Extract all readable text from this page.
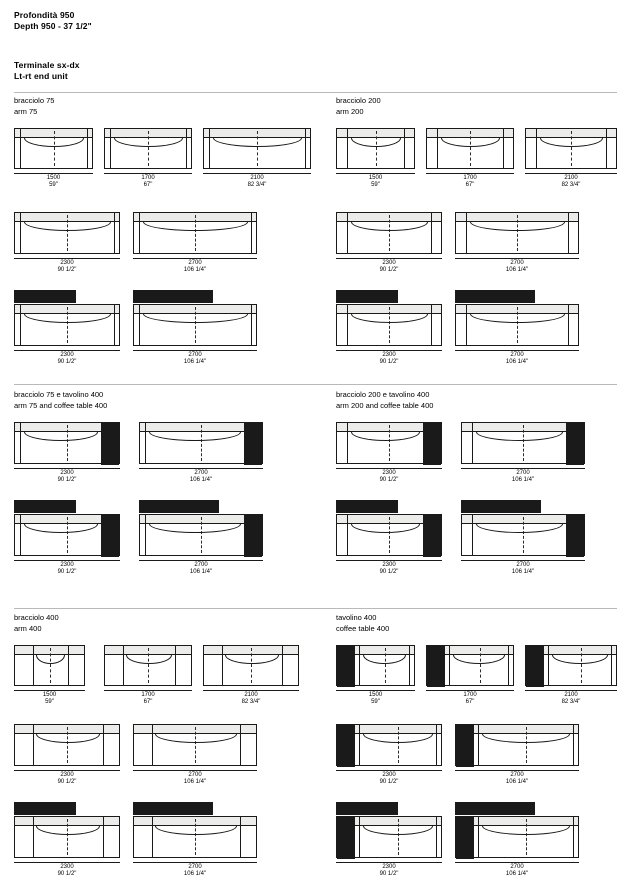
Profondità 950
Depth 950 - 37 1/2"
Terminale sx-dx
Lt-rt end unit
bracciolo 75
arm 75
bracciolo 200
arm 200
bracciolo 75 e tavolino 400
arm 75 and coffee table 400
bracciolo 200 e tavolino 400
arm 200 and coffee table 400
bracciolo 400
arm 400
tavolino 400
coffee table 400
1500
59"
1700
67"
2100
82 3/4"
2300
90 1/2"
2700
106 1/4"
2300
90 1/2"
2700
106 1/4"
1500
59"
1700
67"
2100
82 3/4"
2300
90 1/2"
2700
106 1/4"
2300
90 1/2"
2700
106 1/4"
2300
90 1/2"
2700
106 1/4"
2300
90 1/2"
2700
106 1/4"
2300
90 1/2"
2700
106 1/4"
2300
90 1/2"
2700
106 1/4"
1500
59"
1700
67"
2100
82 3/4"
2300
90 1/2"
2700
106 1/4"
2300
90 1/2"
2700
106 1/4"
1500
59"
1700
67"
2100
82 3/4"
2300
90 1/2"
2700
106 1/4"
2300
90 1/2"
2700
106 1/4"
